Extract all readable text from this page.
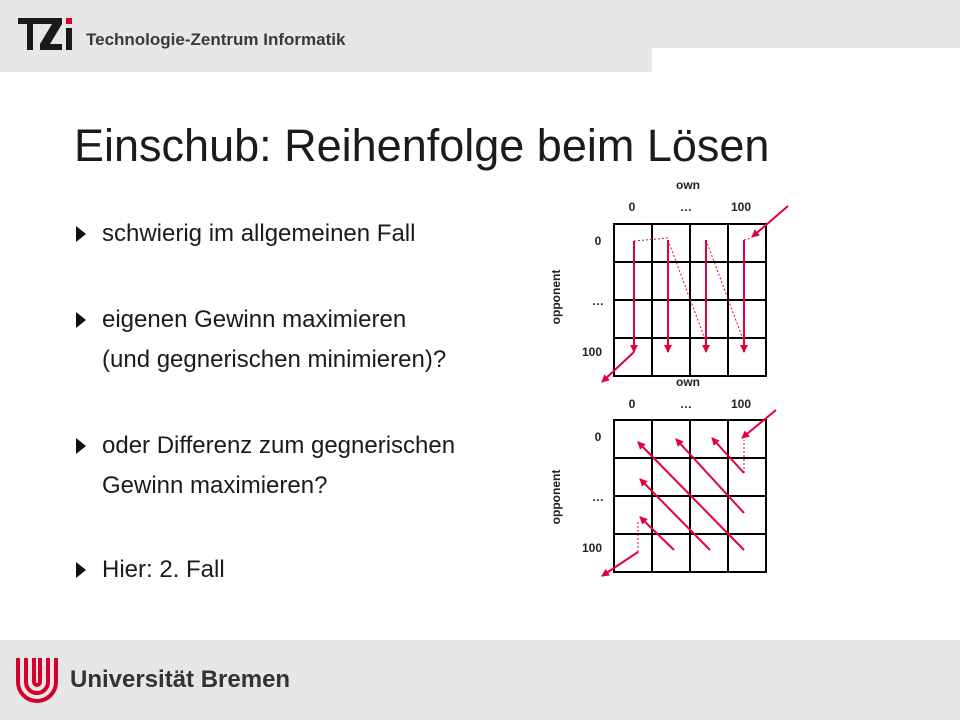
Technologie-Zentrum Informatik
Einschub: Reihenfolge beim Lösen
schwierig im allgemeinen Fall
eigenen Gewinn maximieren
(und gegnerischen minimieren)?
oder Differenz zum gegnerischen
Gewinn maximieren?
Hier: 2. Fall
own
0	…	100
0
…
100
opponent
own
0	…	100
0
…
100
opponent
Universität Bremen
